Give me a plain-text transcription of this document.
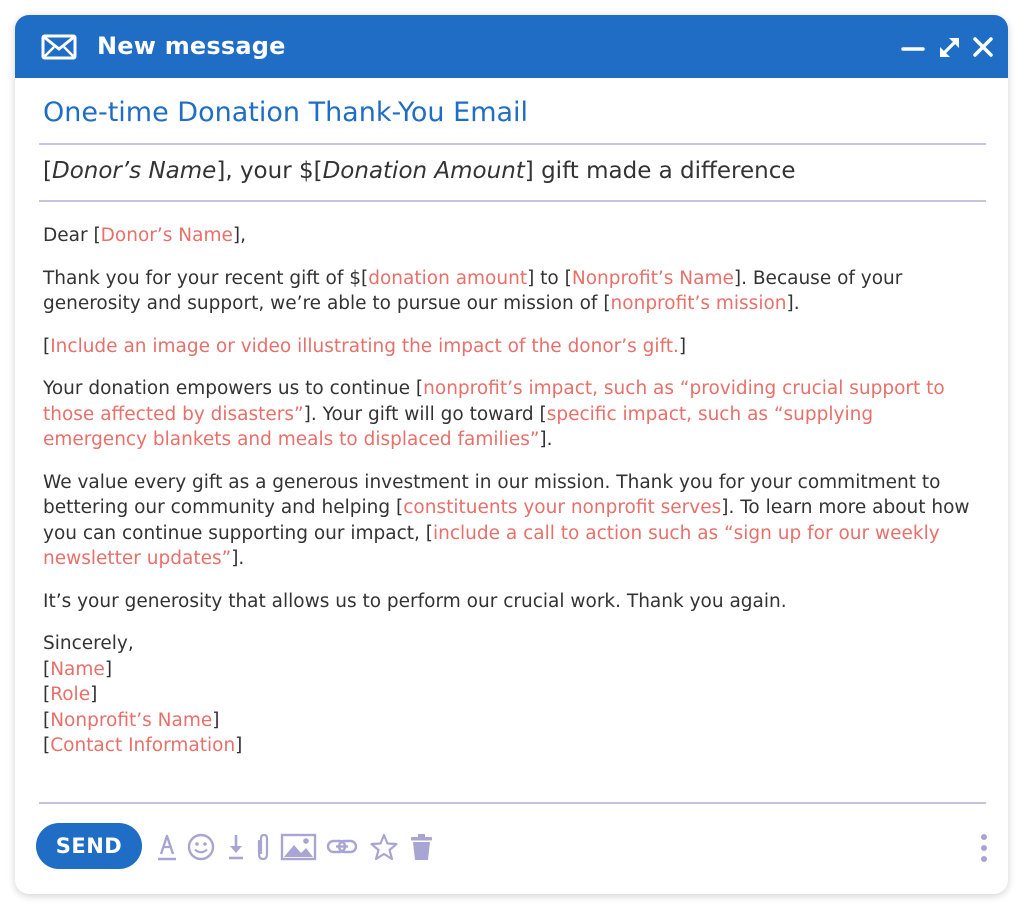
New message
One-time Donation Thank-You Email
[Donor’s Name], your $[Donation Amount] gift made a difference

Dear [Donor’s Name],

Thank you for your recent gift of $[donation amount] to [Nonprofit’s Name]. Because of your generosity and support, we’re able to pursue our mission of [nonprofit’s mission].

[Include an image or video illustrating the impact of the donor’s gift.]

Your donation empowers us to continue [nonprofit’s impact, such as “providing crucial support to those affected by disasters”]. Your gift will go toward [specific impact, such as “supplying emergency blankets and meals to displaced families”].

We value every gift as a generous investment in our mission. Thank you for your commitment to bettering our community and helping [constituents your nonprofit serves]. To learn more about how you can continue supporting our impact, [include a call to action such as “sign up for our weekly newsletter updates”].

It’s your generosity that allows us to perform our crucial work. Thank you again.

Sincerely,

[Name]

[Role]

[Nonprofit’s Name]

[Contact Information]

SEND
